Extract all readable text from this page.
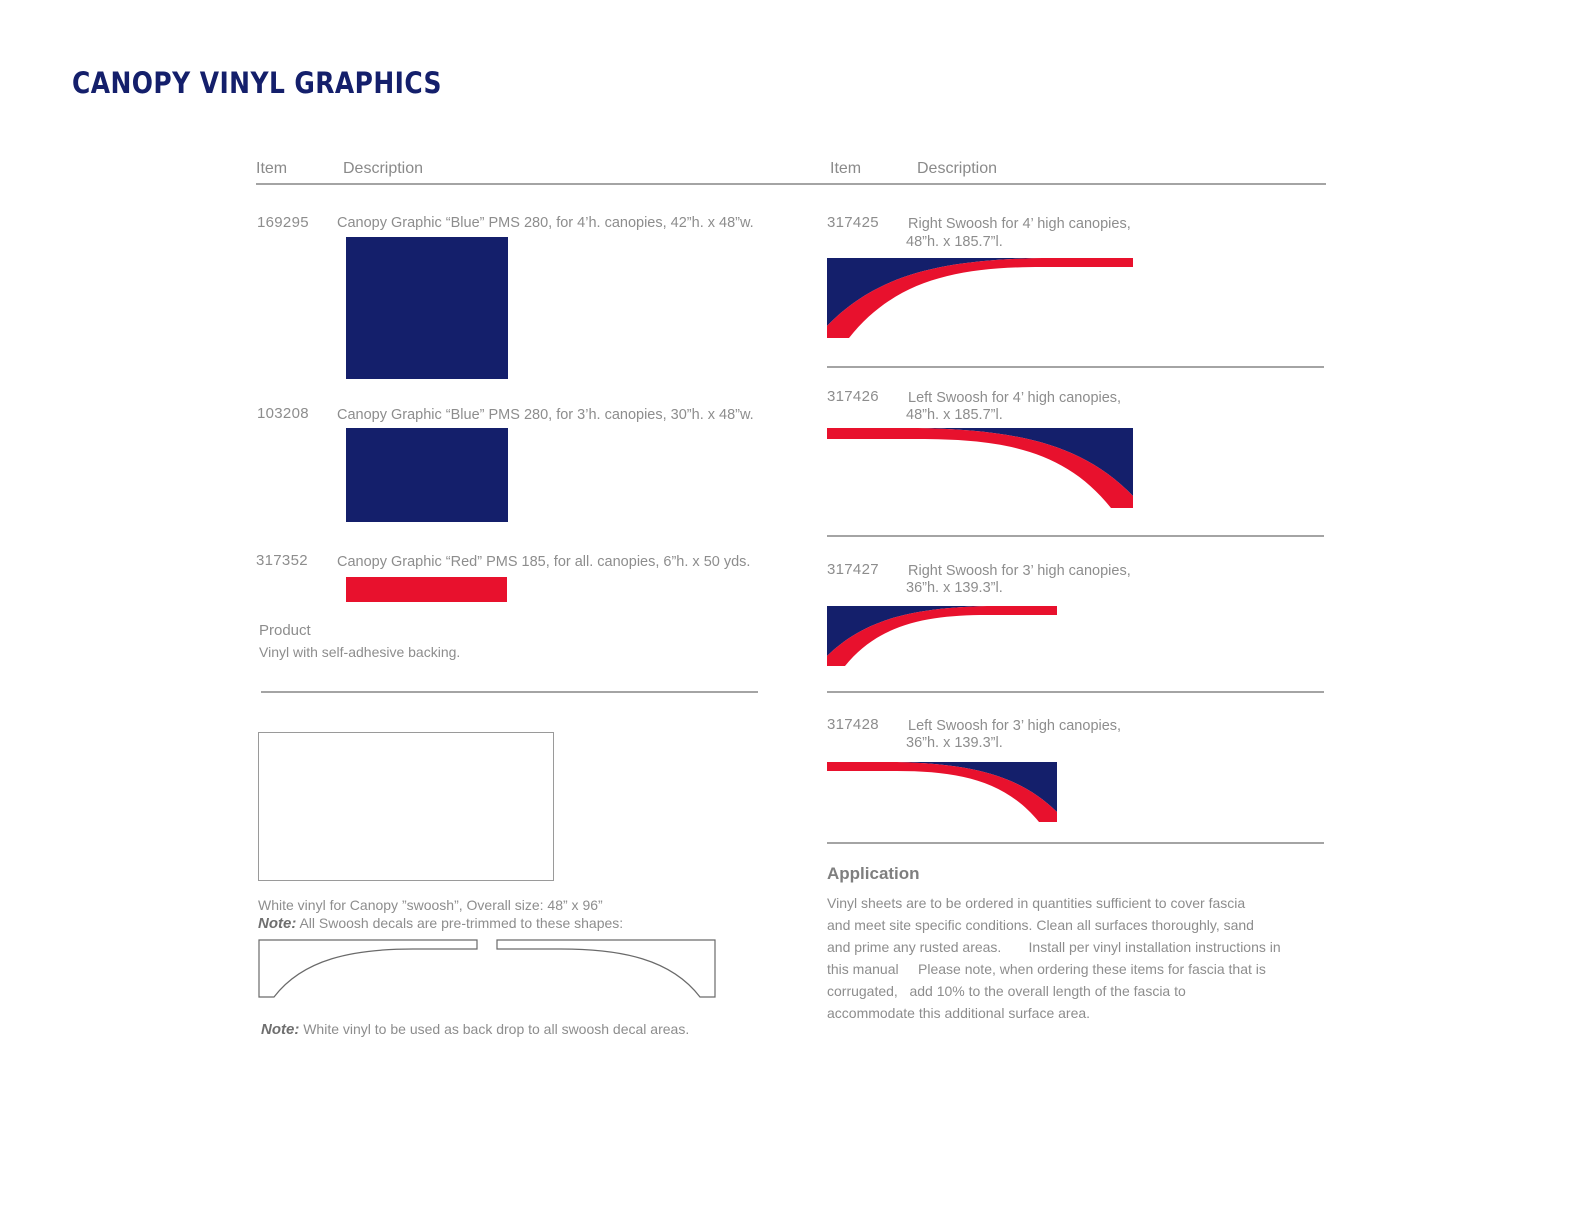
CANOPY VINYL GRAPHICS
Item	Description	Item	Description
169295 Canopy Graphic “Blue” PMS 280, for 4’h. canopies, 42”h. x 48”w.
103208 Canopy Graphic “Blue” PMS 280, for 3’h. canopies, 30”h. x 48”w.
317352 Canopy Graphic “Red” PMS 185, for all. canopies, 6”h. x 50 yds.
Product
Vinyl with self-adhesive backing.
White vinyl for Canopy ”swoosh”, Overall size: 48” x 96”
Note: All Swoosh decals are pre-trimmed to these shapes:
Note: White vinyl to be used as back drop to all swoosh decal areas.
317425 Right Swoosh for 4’ high canopies,
48”h. x 185.7”l.
317426 Left Swoosh for 4’ high canopies,
48”h. x 185.7”l.
317427 Right Swoosh for 3’ high canopies,
36”h. x 139.3”l.
317428 Left Swoosh for 3’ high canopies,
36”h. x 139.3”l.
Application
Vinyl sheets are to be ordered in quantities sufficient to cover fascia
and meet site specific conditions. Clean all surfaces thoroughly, sand
and prime any rusted areas.       Install per vinyl installation instructions in
this manual     Please note, when ordering these items for fascia that is
corrugated,   add 10% to the overall length of the fascia to
accommodate this additional surface area.
